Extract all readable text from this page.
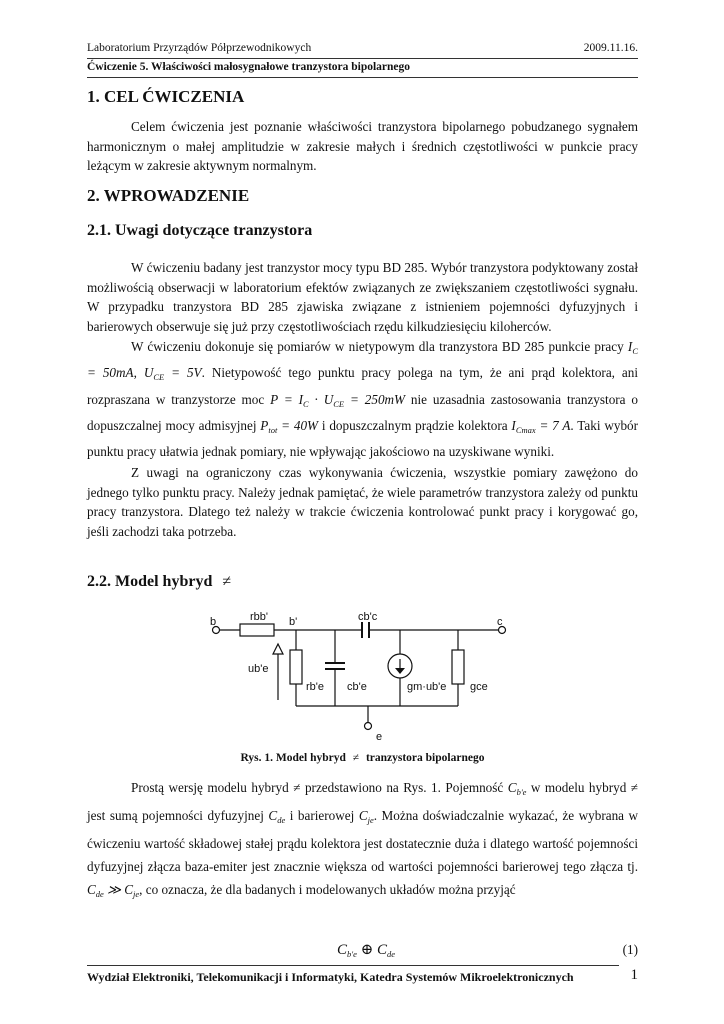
Laboratorium Przyrządów Półprzewodnikowych	2009.11.16.
Ćwiczenie 5. Właściwości małosygnałowe tranzystora bipolarnego
1. CEL ĆWICZENIA

Celem ćwiczenia jest poznanie właściwości tranzystora bipolarnego pobudzanego sygnałem harmonicznym o małej amplitudzie w zakresie małych i średnich częstotliwości w punkcie pracy leżącym w zakresie aktywnym normalnym.

2. WPROWADZENIE
2.1. Uwagi dotyczące tranzystora

W ćwiczeniu badany jest tranzystor mocy typu BD 285. Wybór tranzystora podyktowany został możliwością obserwacji w laboratorium efektów związanych ze zwiększaniem częstotliwości sygnału. W przypadku tranzystora BD 285 zjawiska związane z istnieniem pojemności dyfuzyjnych i barierowych obserwuje się już przy częstotliwościach rzędu kilkudziesięciu kiloherców.

W ćwiczeniu dokonuje się pomiarów w nietypowym dla tranzystora BD 285 punkcie pracy $I_C = 50mA$, $U_{CE} = 5V$. Nietypowość tego punktu pracy polega na tym, że ani prąd kolektora, ani rozpraszana w tranzystorze moc $P = I_C \cdot U_{CE} = 250mW$ nie uzasadnia zastosowania tranzystora o dopuszczalnej mocy admisyjnej $P_{tot} = 40W$ i dopuszczalnym prądzie kolektora $I_{Cmax} = 7$ A. Taki wybór punktu pracy ułatwia jednak pomiary, nie wpływając jakościowo na uzyskiwane wyniki.

Z uwagi na ograniczony czas wykonywania ćwiczenia, wszystkie pomiary zawężono do jednego tylko punktu pracy. Należy jednak pamiętać, że wiele parametrów tranzystora zależy od punktu pracy tranzystora. Dlatego też należy w trakcie ćwiczenia kontrolować punkt pracy i korygować go, jeśli zachodzi taka potrzeba.

2.2. Model hybryd ≠
b	b'
rbb'	cb'c	c
ub'e
rb'e cb'e	gm·ub'e gce
e
Rys. 1. Model hybryd ≠ tranzystora bipolarnego

Prostą wersję modelu hybryd ≠ przedstawiono na Rys. 1. Pojemność $C_{b'e}$ w modelu hybryd ≠ jest sumą pojemności dyfuzyjnej $C_{de}$ i barierowej $C_{je}$. Można doświadczalnie wykazać, że wybrana w ćwiczeniu wartość składowej stałej prądu kolektora jest dostatecznie duża i dlatego wartość pojemności dyfuzyjnej złącza baza-emiter jest znacznie większa od wartości pojemności barierowej tego złącza tj. $C_{de}$ ≫ $C_{je}$, co oznacza, że dla badanych i modelowanych układów można przyjąć

$C_{b'e}$ ⊕ $C_{de}$	(1)
Wydział Elektroniki, Telekomunikacji i Informatyki, Katedra Systemów Mikroelektronicznych	1
